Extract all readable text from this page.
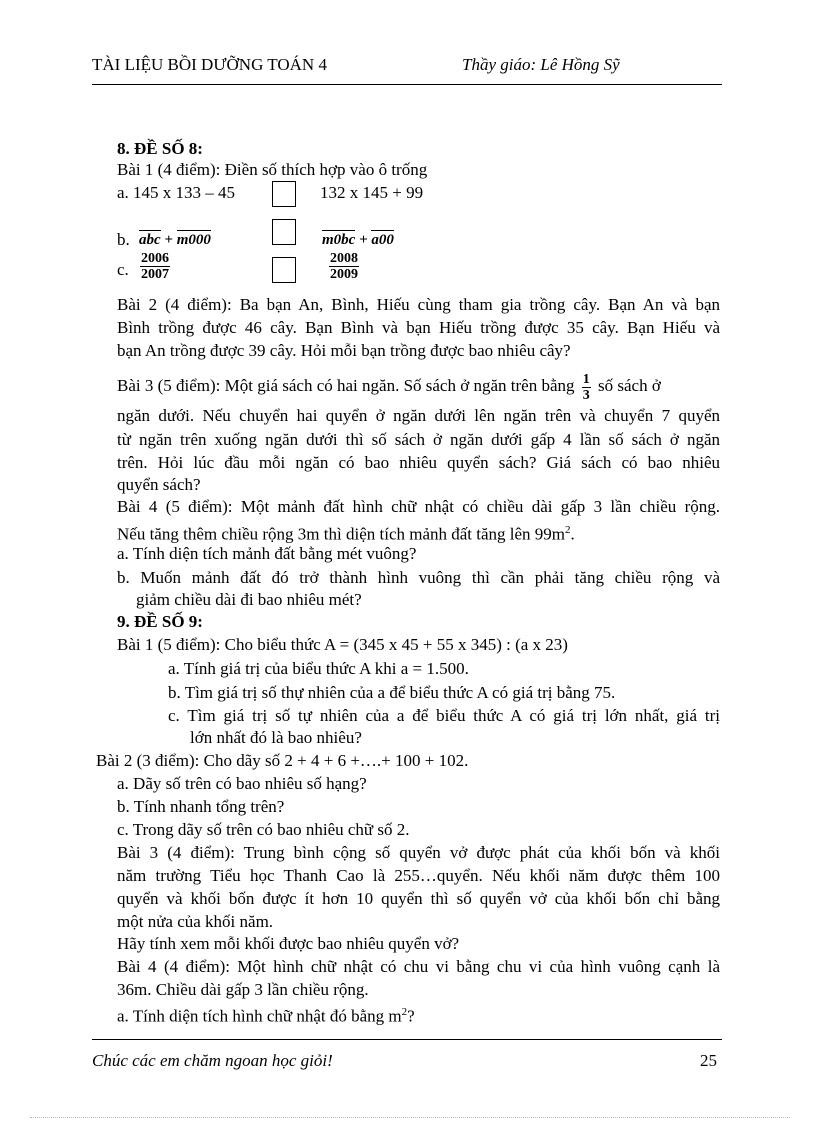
TÀI LIỆU BỒI DƯỠNG TOÁN 4	Thầy giáo: Lê Hồng Sỹ
8. ĐỀ SỐ 8:
Bài 1 (4 điểm): Điền số thích hợp vào ô trống
a. 145 x 133 – 45	132 x 145 + 99
b. abc + m000	m0bc + a00
c. $\frac{2006}{2007}$	$\frac{2008}{2009}$
Bài 2 (4 điểm): Ba bạn An, Bình, Hiếu cùng tham gia trồng cây. Bạn An và bạn
Bình trồng được 46 cây. Bạn Bình và bạn Hiếu trồng được 35 cây. Bạn Hiếu và
bạn An trồng được 39 cây. Hỏi mỗi bạn trồng được bao nhiêu cây?
Bài 3 (5 điểm): Một giá sách có hai ngăn. Số sách ở ngăn trên bằng $\frac{1}{3}$ số sách ở
ngăn dưới. Nếu chuyển hai quyển ở ngăn dưới lên ngăn trên và chuyển 7 quyển
từ ngăn trên xuống ngăn dưới thì số sách ở ngăn dưới gấp 4 lần số sách ở ngăn
trên. Hỏi lúc đầu mỗi ngăn có bao nhiêu quyển sách? Giá sách có bao nhiêu
quyển sách?
Bài 4 (5 điểm): Một mảnh đất hình chữ nhật có chiều dài gấp 3 lần chiều rộng.
Nếu tăng thêm chiều rộng 3m thì diện tích mảnh đất tăng lên $99m^2$.
a. Tính diện tích mảnh đất bằng mét vuông?
b. Muốn mảnh đất đó trở thành hình vuông thì cần phải tăng chiều rộng và
giảm chiều dài đi bao nhiêu mét?
9. ĐỀ SỐ 9:
Bài 1 (5 điểm): Cho biểu thức A = (345 x 45 + 55 x 345) : (a x 23)
a. Tính giá trị của biểu thức A khi a = 1.500.
b. Tìm giá trị số thự nhiên của a để biểu thức A có giá trị bằng 75.
c. Tìm giá trị số tự nhiên của a để biểu thức A có giá trị lớn nhất, giá trị
lớn nhất đó là bao nhiêu?
Bài 2 (3 điểm): Cho dãy số 2 + 4 + 6 +….+ 100 + 102.
a. Dãy số trên có bao nhiêu số hạng?
b. Tính nhanh tổng trên?
c. Trong dãy số trên có bao nhiêu chữ số 2.
Bài 3 (4 điểm): Trung bình cộng số quyển vở được phát của khối bốn và khối
năm trường Tiểu học Thanh Cao là 255…quyển. Nếu khối năm được thêm 100
quyển và khối bốn được ít hơn 10 quyển thì số quyển vở của khối bốn chỉ bằng
một nửa của khối năm.
Hãy tính xem mỗi khối được bao nhiêu quyển vở?
Bài 4 (4 điểm): Một hình chữ nhật có chu vi bằng chu vi của hình vuông cạnh là
36m. Chiều dài gấp 3 lần chiều rộng.
a. Tính diện tích hình chữ nhật đó bằng $m^2$?
Chúc các em chăm ngoan học giỏi!	25
